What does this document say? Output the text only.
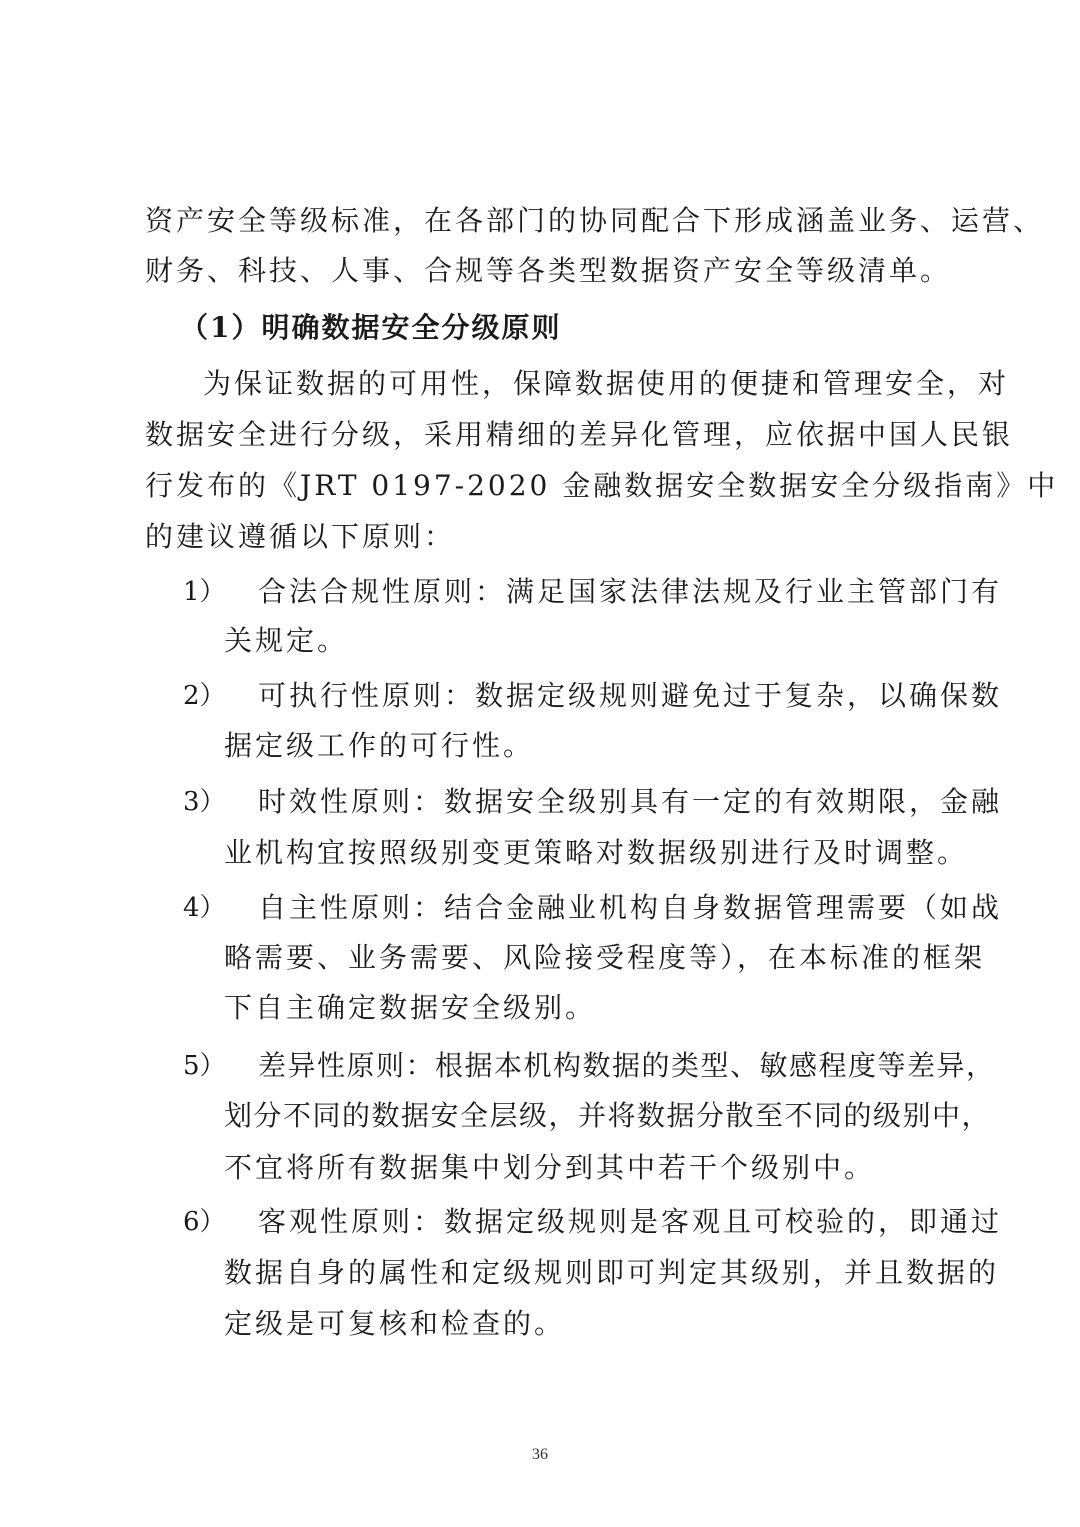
资产安全等级标准，在各部门的协同配合下形成涵盖业务、运营、
财务、科技、人事、合规等各类型数据资产安全等级清单。
（1）明确数据安全分级原则
为保证数据的可用性，保障数据使用的便捷和管理安全，对
数据安全进行分级，采用精细的差异化管理，应依据中国人民银
行发布的《JRT 0197-2020 金融数据安全数据安全分级指南》中
的建议遵循以下原则：
1） 合法合规性原则：满足国家法律法规及行业主管部门有
关规定。
2） 可执行性原则：数据定级规则避免过于复杂，以确保数
据定级工作的可行性。
3） 时效性原则：数据安全级别具有一定的有效期限，金融
业机构宜按照级别变更策略对数据级别进行及时调整。
4） 自主性原则：结合金融业机构自身数据管理需要（如战
略需要、业务需要、风险接受程度等），在本标准的框架
下自主确定数据安全级别。
5） 差异性原则：根据本机构数据的类型、敏感程度等差异，
划分不同的数据安全层级，并将数据分散至不同的级别中，
不宜将所有数据集中划分到其中若干个级别中。
6） 客观性原则：数据定级规则是客观且可校验的，即通过
数据自身的属性和定级规则即可判定其级别，并且数据的
定级是可复核和检查的。
36
